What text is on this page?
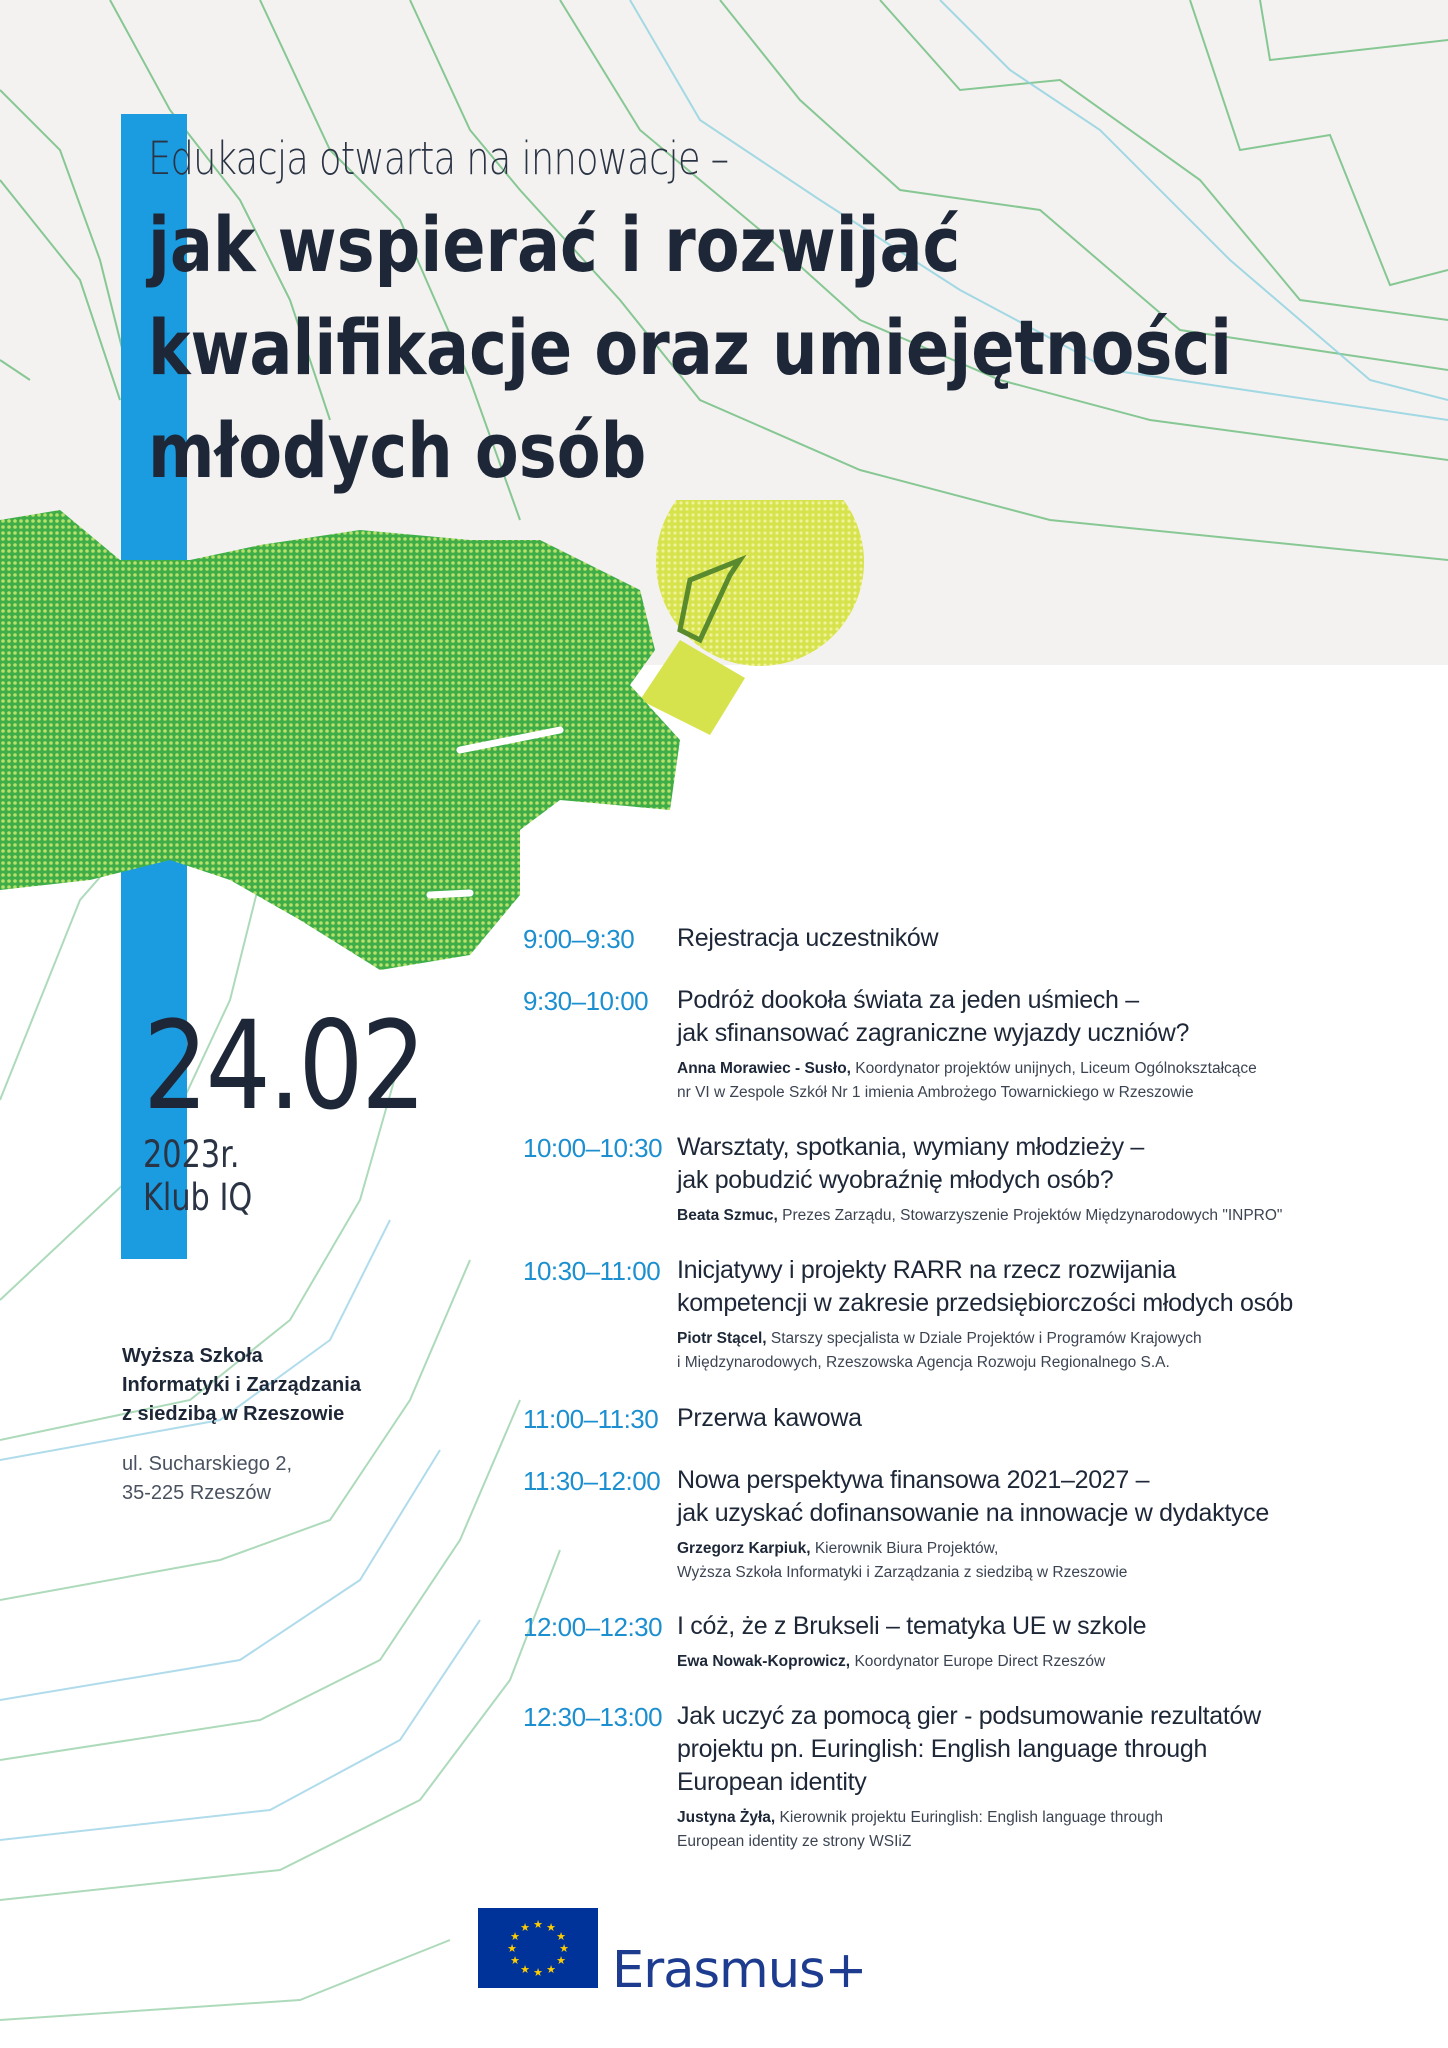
Edukacja otwarta na innowacje –
jak wspierać i rozwijać
kwalifikacje oraz umiejętności
młodych osób
24.02
2023r.
Klub IQ
Wyższa Szkoła
Informatyki i Zarządzania
z siedzibą w Rzeszowie
ul. Sucharskiego 2,
35-225 Rzeszów
9:00–9:30 Rejestracja uczestników
9:30–10:00 Podróż dookoła świata za jeden uśmiech –
jak sfinansować zagraniczne wyjazdy uczniów?
Anna Morawiec - Susło, Koordynator projektów unijnych, Liceum Ogólnokształcące
nr VI w Zespole Szkół Nr 1 imienia Ambrożego Towarnickiego w Rzeszowie
10:00–10:30 Warsztaty, spotkania, wymiany młodzieży –
jak pobudzić wyobraźnię młodych osób?
Beata Szmuc, Prezes Zarządu, Stowarzyszenie Projektów Międzynarodowych "INPRO"
10:30–11:00 Inicjatywy i projekty RARR na rzecz rozwijania
kompetencji w zakresie przedsiębiorczości młodych osób
Piotr Stącel, Starszy specjalista w Dziale Projektów i Programów Krajowych
i Międzynarodowych, Rzeszowska Agencja Rozwoju Regionalnego S.A.
11:00–11:30 Przerwa kawowa
11:30–12:00 Nowa perspektywa finansowa 2021–2027 –
jak uzyskać dofinansowanie na innowacje w dydaktyce
Grzegorz Karpiuk, Kierownik Biura Projektów,
Wyższa Szkoła Informatyki i Zarządzania z siedzibą w Rzeszowie
12:00–12:30 I cóż, że z Brukseli – tematyka UE w szkole
Ewa Nowak-Koprowicz, Koordynator Europe Direct Rzeszów
12:30–13:00 Jak uczyć za pomocą gier - podsumowanie rezultatów
projektu pn. Euringlish: English language through
European identity
Justyna Żyła, Kierownik projektu Euringlish: English language through
European identity ze strony WSIiZ
★ ★
★
★
★
★
★
★
★
★
★
★
Erasmus+
